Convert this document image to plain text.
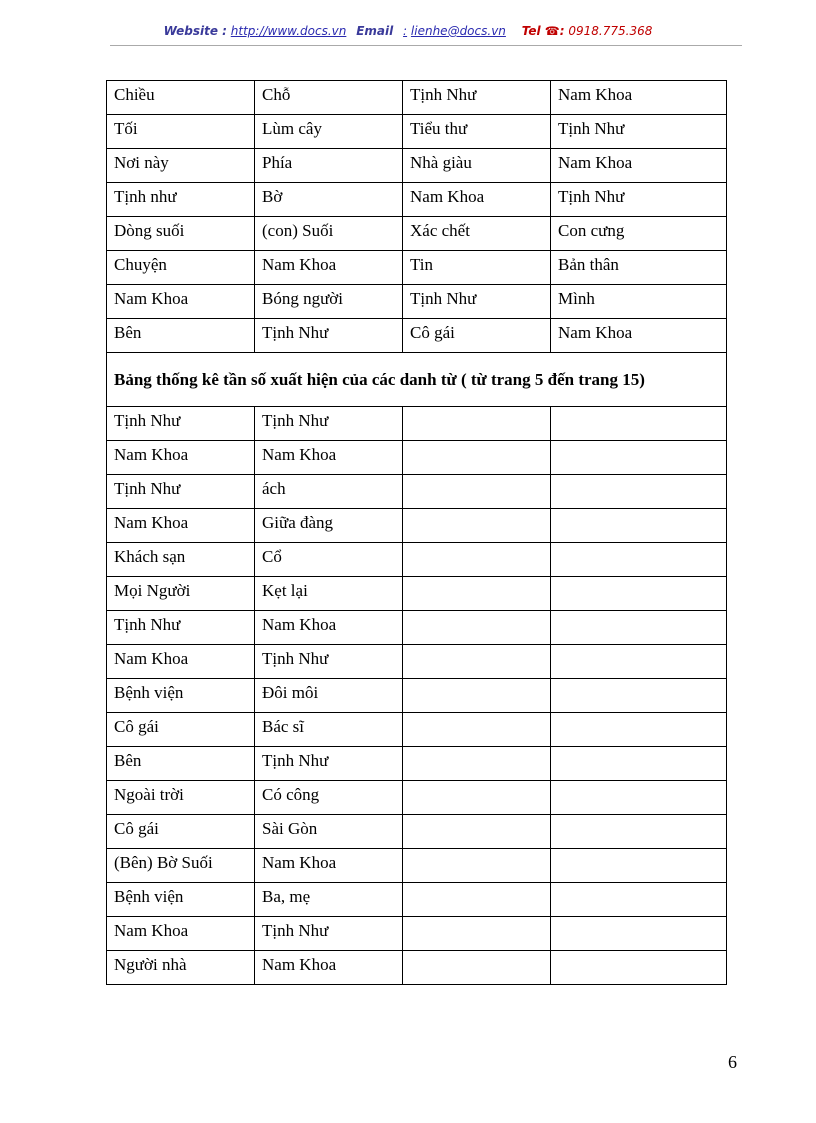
Website : http://www.docs.vn Email : lienhe@docs.vn Tel ☎: 0918.775.368
Chiều	Chỗ	Tịnh Như	Nam Khoa
Tối	Lùm cây	Tiểu thư	Tịnh Như
Nơi này	Phía	Nhà giàu	Nam Khoa
Tịnh như	Bờ	Nam Khoa	Tịnh Như
Dòng suối	(con) Suối	Xác chết	Con cưng
Chuyện	Nam Khoa	Tin	Bản thân
Nam Khoa	Bóng người	Tịnh Như	Mình
Bên	Tịnh Như	Cô gái	Nam Khoa
Bảng thống kê tần số xuất hiện của các danh từ ( từ trang 5 đến trang 15)			
Tịnh Như	Tịnh Như		
Nam Khoa	Nam Khoa		
Tịnh Như	ách		
Nam Khoa	Giữa đàng		
Khách sạn	Cổ		
Mọi Người	Kẹt lại		
Tịnh Như	Nam Khoa		
Nam Khoa	Tịnh Như		
Bệnh viện	Đôi môi		
Cô gái	Bác sĩ		
Bên	Tịnh Như		
Ngoài trời	Có công		
Cô gái	Sài Gòn		
(Bên) Bờ Suối	Nam Khoa		
Bệnh viện	Ba, mẹ		
Nam Khoa	Tịnh Như		
Người nhà	Nam Khoa		
6
